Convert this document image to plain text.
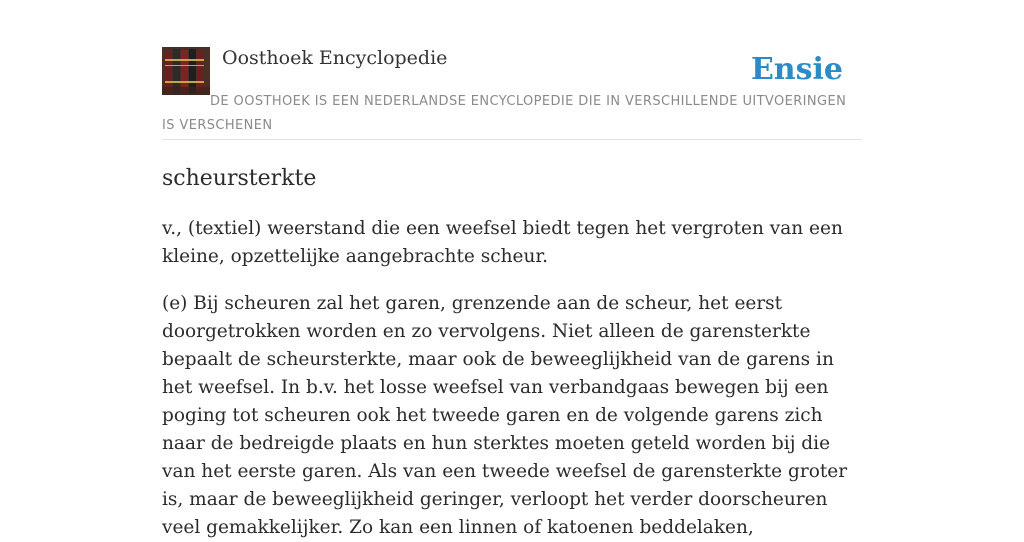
Oosthoek Encyclopedie	Ensie
DE OOSTHOEK IS EEN NEDERLANDSE ENCYCLOPEDIE DIE IN VERSCHILLENDE UITVOERINGEN IS VERSCHENEN
scheursterkte

v., (textiel) weerstand die een weefsel biedt tegen het vergroten van een kleine, opzettelijke aangebrachte scheur.

(e) Bij scheuren zal het garen, grenzende aan de scheur, het eerst doorgetrokken worden en zo vervolgens. Niet alleen de garensterkte bepaalt de scheursterkte, maar ook de beweeglijkheid van de garens in het weefsel. In b.v. het losse weefsel van verbandgaas bewegen bij een poging tot scheuren ook het tweede garen en de volgende garens zich naar de bedreigde plaats en hun sterktes moeten geteld worden bij die van het eerste garen. Als van een tweede weefsel de garensterkte groter is, maar de beweeglijkheid geringer, verloopt het verder doorscheuren veel gemakkelijker. Zo kan een linnen of katoenen beddelaken,
